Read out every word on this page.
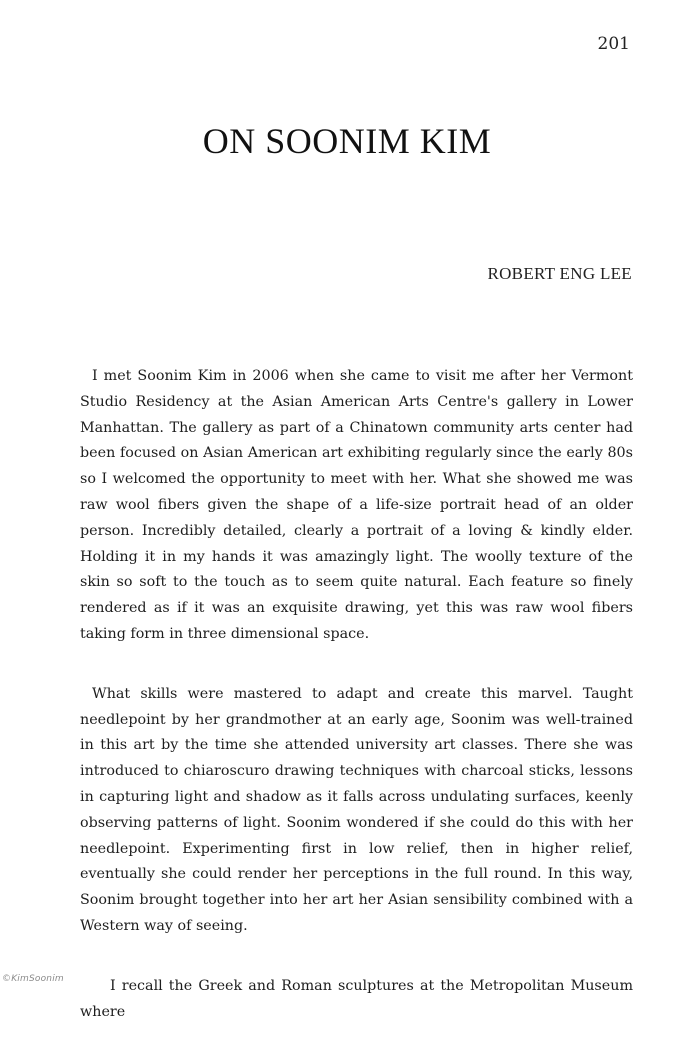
201
ON SOONIM KIM
ROBERT ENG LEE

I met Soonim Kim in 2006 when she came to visit me after her Vermont Studio Residency at the Asian American Arts Centre's gallery in Lower Manhattan. The gallery as part of a Chinatown community arts center had been focused on Asian American art exhibiting regularly since the early 80s so I welcomed the opportunity to meet with her. What she showed me was raw wool fibers given the shape of a life-size portrait head of an older person. Incredibly detailed, clearly a portrait of a loving & kindly elder. Holding it in my hands it was amazingly light. The woolly texture of the skin so soft to the touch as to seem quite natural. Each feature so finely rendered as if it was an exquisite drawing, yet this was raw wool fibers taking form in three dimensional space.

What skills were mastered to adapt and create this marvel. Taught needlepoint by her grandmother at an early age, Soonim was well-trained in this art by the time she attended university art classes. There she was introduced to chiaroscuro drawing techniques with charcoal sticks, lessons in capturing light and shadow as it falls across undulating surfaces, keenly observing patterns of light. Soonim wondered if she could do this with her needlepoint. Experimenting first in low relief, then in higher relief, eventually she could render her perceptions in the full round. In this way, Soonim brought together into her art her Asian sensibility combined with a Western way of seeing.

I recall the Greek and Roman sculptures at the Metropolitan Museum where

©KimSoonim
